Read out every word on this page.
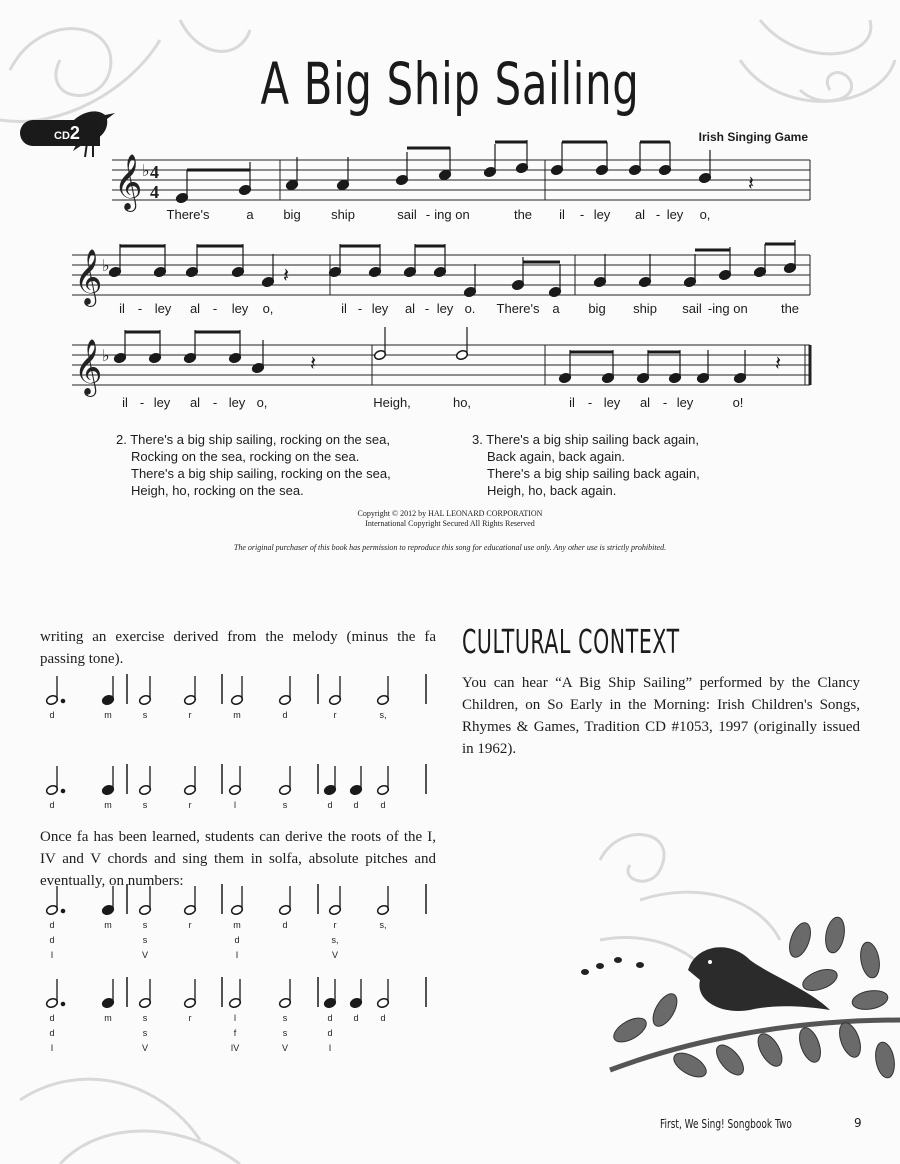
CD2
A Big Ship Sailing
Irish Singing Game
𝄞 ♭
𝄞 ♭
𝄞 ♭
4
4	𝄽
𝄽
𝄽	𝄽
There's	a big ship	sail - ing on	the il - ley al - ley o,
il - ley al - ley o,	il - ley al - ley o. There's a big ship sail - ing on	the
il - ley al - ley o,	Heigh,	ho,	il - ley al - ley	o!
2. There's a big ship sailing, rocking on the sea,
Rocking on the sea, rocking on the sea.
There's a big ship sailing, rocking on the sea,
Heigh, ho, rocking on the sea.
3. There's a big ship sailing back again,
Back again, back again.
There's a big ship sailing back again,
Heigh, ho, back again.
Copyright © 2012 by HAL LEONARD CORPORATION
International Copyright Secured All Rights Reserved
The original purchaser of this book has permission to reproduce this song for educational use only. Any other use is strictly prohibited.
writing an exercise derived from the melody (minus the fa passing tone).
Once fa has been learned, students can derive the roots of the I, IV and V chords and sing them in solfa, absolute pitches and eventually, on numbers:
d	m	s	r	m	d	r	s,
d	m	s	r	l	s	d d d
d	m	s	r	m	d	r	s,
d	s	d	s,
I	V	I	V
d	m	s	r	l	s	d d d
d	s	f	s	d
I	V	IV	V	I
CULTURAL CONTEXT
You can hear “A Big Ship Sailing” performed by the Clancy Children, on So Early in the Morning: Irish Children's Songs, Rhymes & Games, Tradition CD #1053, 1997 (originally issued in 1962).
First, We Sing! Songbook Two	9
